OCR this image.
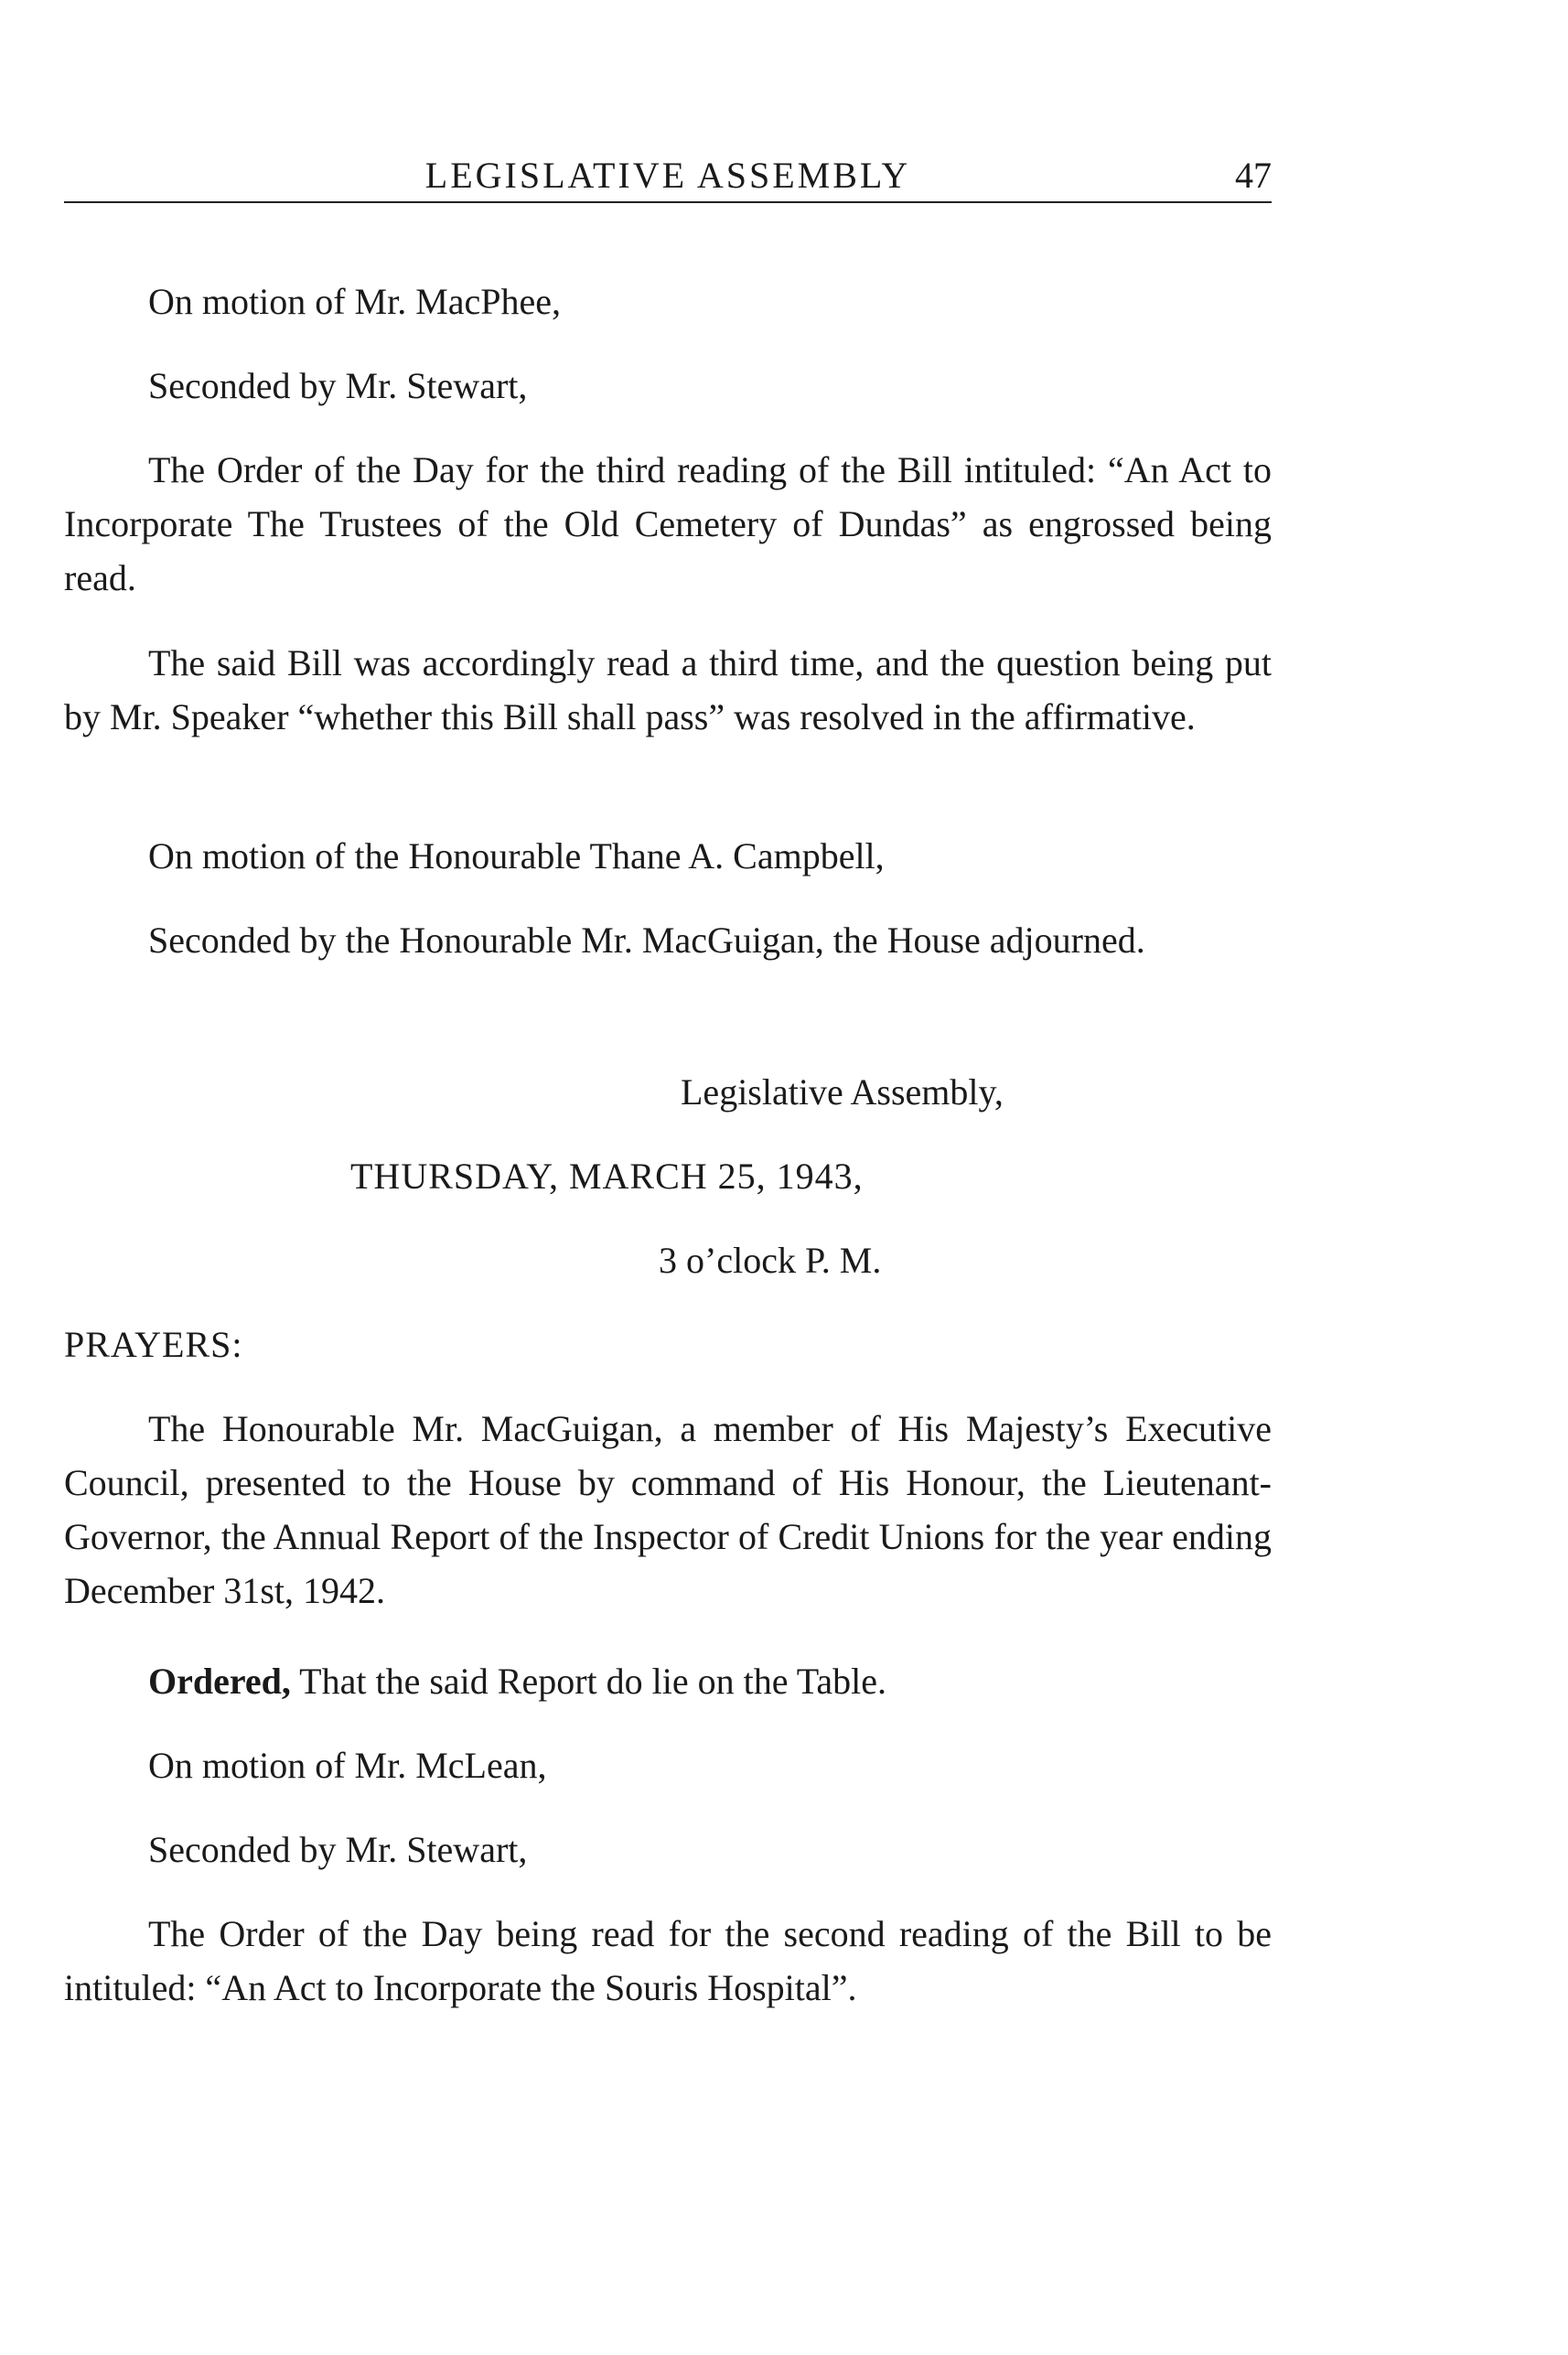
LEGISLATIVE ASSEMBLY	47

On motion of Mr. MacPhee,

Seconded by Mr. Stewart,

The Order of the Day for the third reading of the Bill intituled: “An Act to Incorporate The Trustees of the Old Cemetery of Dundas” as engrossed being read.

The said Bill was accordingly read a third time, and the question being put by Mr. Speaker “whether this Bill shall pass” was resolved in the affirmative.

On motion of the Honourable Thane A. Campbell,

Seconded by the Honourable Mr. MacGuigan, the House adjourned.

Legislative Assembly,

THURSDAY, MARCH 25, 1943,

3 o’clock P. M.

PRAYERS:

The Honourable Mr. MacGuigan, a member of His Majesty’s Executive Council, presented to the House by command of His Honour, the Lieutenant-Governor, the Annual Report of the Inspector of Credit Unions for the year ending December 31st, 1942.

Ordered, That the said Report do lie on the Table.

On motion of Mr. McLean,

Seconded by Mr. Stewart,

The Order of the Day being read for the second reading of the Bill to be intituled: “An Act to Incorporate the Souris Hospital”.
